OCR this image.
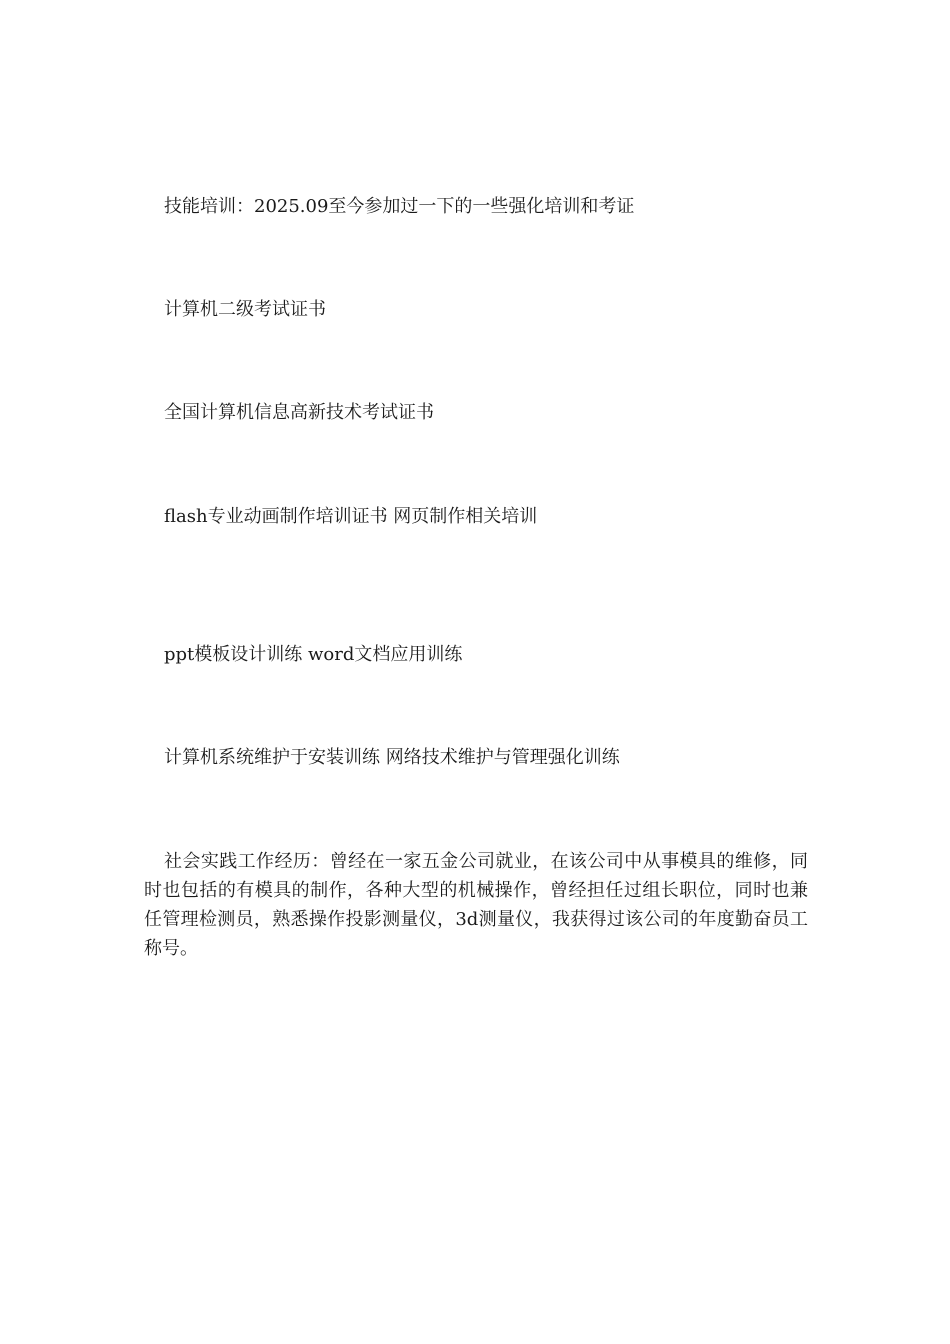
技能培训：2025.09至今参加过一下的一些强化培训和考证
计算机二级考试证书
全国计算机信息高新技术考试证书
flash专业动画制作培训证书 网页制作相关培训
ppt模板设计训练 word文档应用训练
计算机系统维护于安装训练 网络技术维护与管理强化训练
社会实践工作经历：曾经在一家五金公司就业，在该公司中从事模具的维修，同时也包括的有模具的制作，各种大型的机械操作，曾经担任过组长职位，同时也兼任管理检测员，熟悉操作投影测量仪，3d测量仪，我获得过该公司的年度勤奋员工称号。
